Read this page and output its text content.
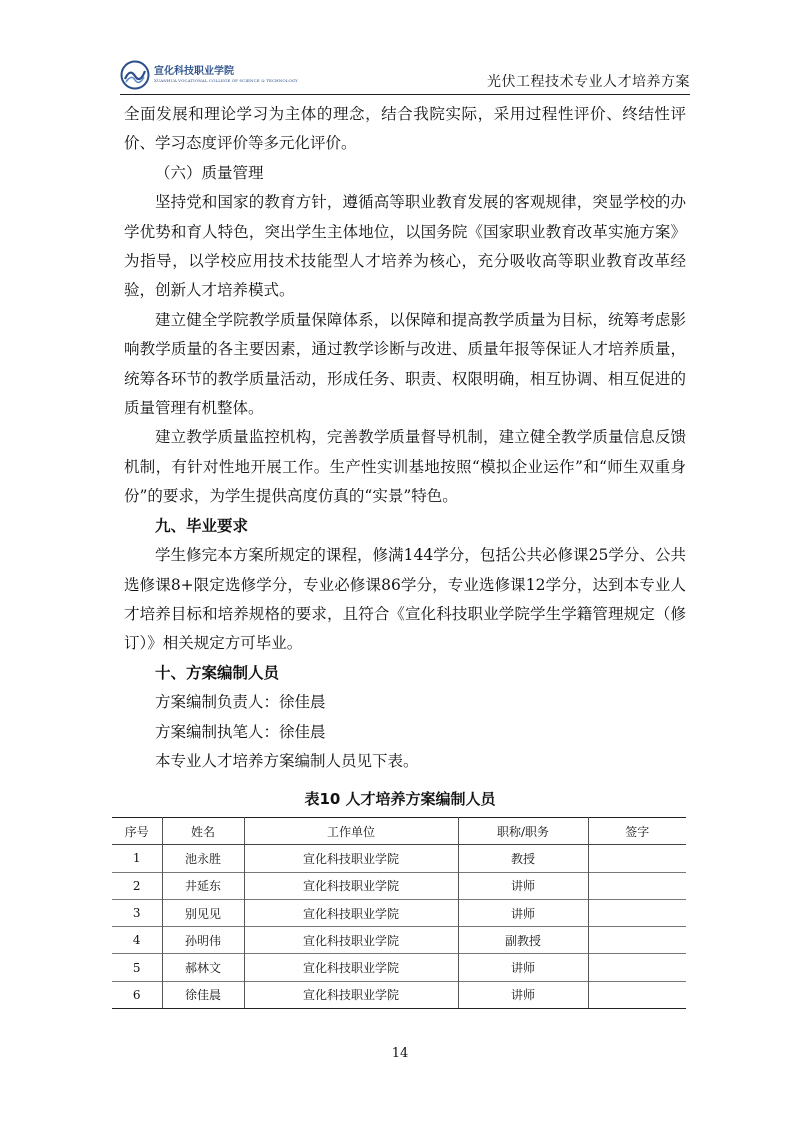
宣化科技职业学院
XUANHUA VOCATIONAL COLLEGE OF SCIENCE & TECHNOLOGY	光伏工程技术专业人才培养方案

全面发展和理论学习为主体的理念，结合我院实际，采用过程性评价、终结性评价、学习态度评价等多元化评价。

（六）质量管理

坚持党和国家的教育方针，遵循高等职业教育发展的客观规律，突显学校的办学优势和育人特色，突出学生主体地位，以国务院《国家职业教育改革实施方案》为指导，以学校应用技术技能型人才培养为核心，充分吸收高等职业教育改革经验，创新人才培养模式。

建立健全学院教学质量保障体系，以保障和提高教学质量为目标，统筹考虑影响教学质量的各主要因素，通过教学诊断与改进、质量年报等保证人才培养质量，统筹各环节的教学质量活动，形成任务、职责、权限明确，相互协调、相互促进的质量管理有机整体。

建立教学质量监控机构，完善教学质量督导机制，建立健全教学质量信息反馈机制，有针对性地开展工作。生产性实训基地按照“模拟企业运作”和“师生双重身份”的要求，为学生提供高度仿真的“实景”特色。

九、毕业要求

学生修完本方案所规定的课程，修满144学分，包括公共必修课25学分、公共选修课8+限定选修学分，专业必修课86学分，专业选修课12学分，达到本专业人才培养目标和培养规格的要求，且符合《宣化科技职业学院学生学籍管理规定（修订）》相关规定方可毕业。

十、方案编制人员

方案编制负责人：徐佳晨

方案编制执笔人：徐佳晨

本专业人才培养方案编制人员见下表。

表10 人才培养方案编制人员
序号	姓名	工作单位	职称/职务	签字
1	池永胜	宣化科技职业学院	教授	
2	井延东	宣化科技职业学院	讲师	
3	别见见	宣化科技职业学院	讲师	
4	孙明伟	宣化科技职业学院	副教授	
5	郝林文	宣化科技职业学院	讲师	
6	徐佳晨	宣化科技职业学院	讲师	
14
